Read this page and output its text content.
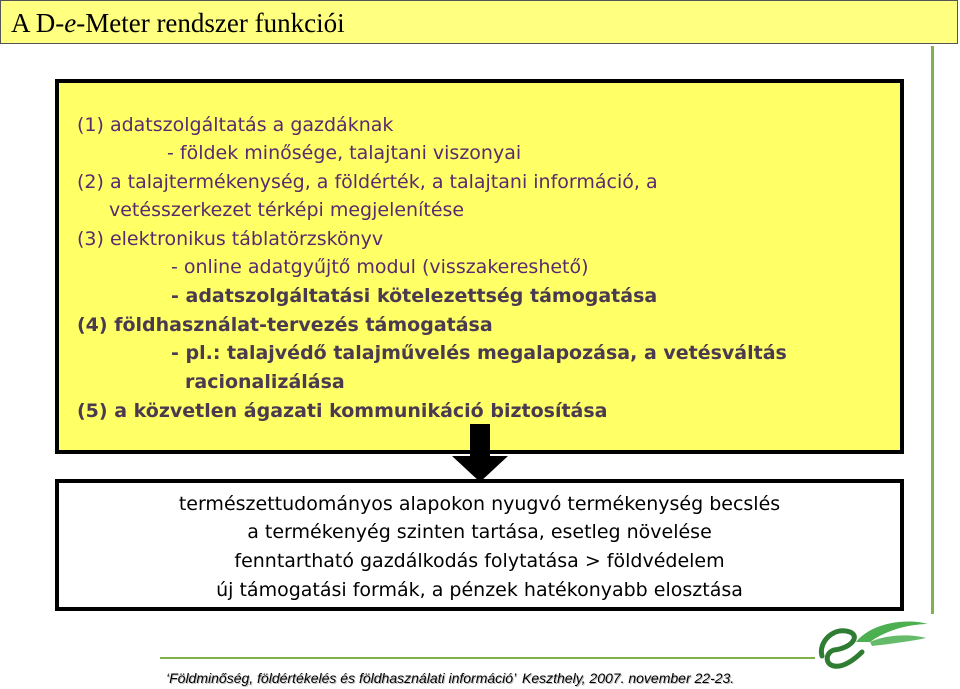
A D-e-Meter rendszer funkciói
(1) adatszolgáltatás a gazdáknak
- földek minősége, talajtani viszonyai
(2) a talajtermékenység, a földérték, a talajtani információ, a
vetésszerkezet térképi megjelenítése
(3) elektronikus táblatörzskönyv
- online adatgyűjtő modul (visszakereshető)
- adatszolgáltatási kötelezettség támogatása
(4) földhasználat-tervezés támogatása
- pl.: talajvédő talajművelés megalapozása, a vetésváltás
racionalizálása
(5) a közvetlen ágazati kommunikáció biztosítása
természettudományos alapokon nyugvó termékenység becslés
a termékenyég szinten tartása, esetleg növelése
fenntartható gazdálkodás folytatása > földvédelem
új támogatási formák, a pénzek hatékonyabb elosztása
‘Földminőség, földértékelés és földhasználati információ’ Keszthely, 2007. november 22-23.
